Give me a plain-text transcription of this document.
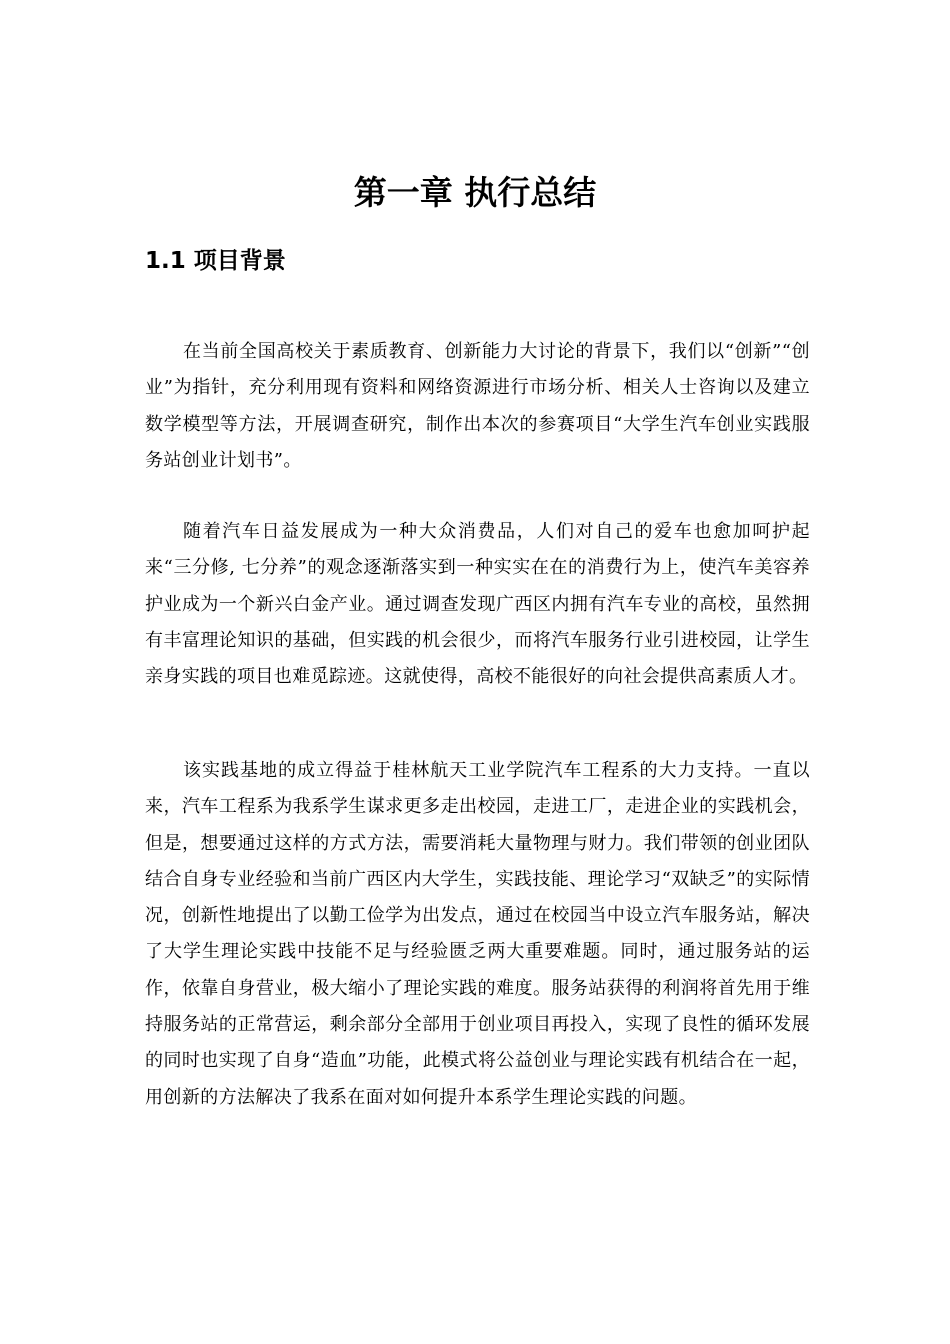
第一章 执行总结
1.1 项目背景

在当前全国高校关于素质教育、创新能力大讨论的背景下，我们以“创新”“创业”为指针，充分利用现有资料和网络资源进行市场分析、相关人士咨询以及建立数学模型等方法，开展调查研究，制作出本次的参赛项目“大学生汽车创业实践服务站创业计划书”。

随着汽车日益发展成为一种大众消费品，人们对自己的爱车也愈加呵护起来“三分修, 七分养”的观念逐渐落实到一种实实在在的消费行为上，使汽车美容养护业成为一个新兴白金产业。通过调查发现广西区内拥有汽车专业的高校，虽然拥有丰富理论知识的基础，但实践的机会很少，而将汽车服务行业引进校园，让学生亲身实践的项目也难觅踪迹。这就使得，高校不能很好的向社会提供高素质人才。

该实践基地的成立得益于桂林航天工业学院汽车工程系的大力支持。一直以来，汽车工程系为我系学生谋求更多走出校园，走进工厂，走进企业的实践机会，但是，想要通过这样的方式方法，需要消耗大量物理与财力。我们带领的创业团队结合自身专业经验和当前广西区内大学生，实践技能、理论学习“双缺乏”的实际情况，创新性地提出了以勤工俭学为出发点，通过在校园当中设立汽车服务站，解决了大学生理论实践中技能不足与经验匮乏两大重要难题。同时，通过服务站的运作，依靠自身营业，极大缩小了理论实践的难度。服务站获得的利润将首先用于维持服务站的正常营运，剩余部分全部用于创业项目再投入，实现了良性的循环发展的同时也实现了自身“造血”功能，此模式将公益创业与理论实践有机结合在一起，用创新的方法解决了我系在面对如何提升本系学生理论实践的问题。
